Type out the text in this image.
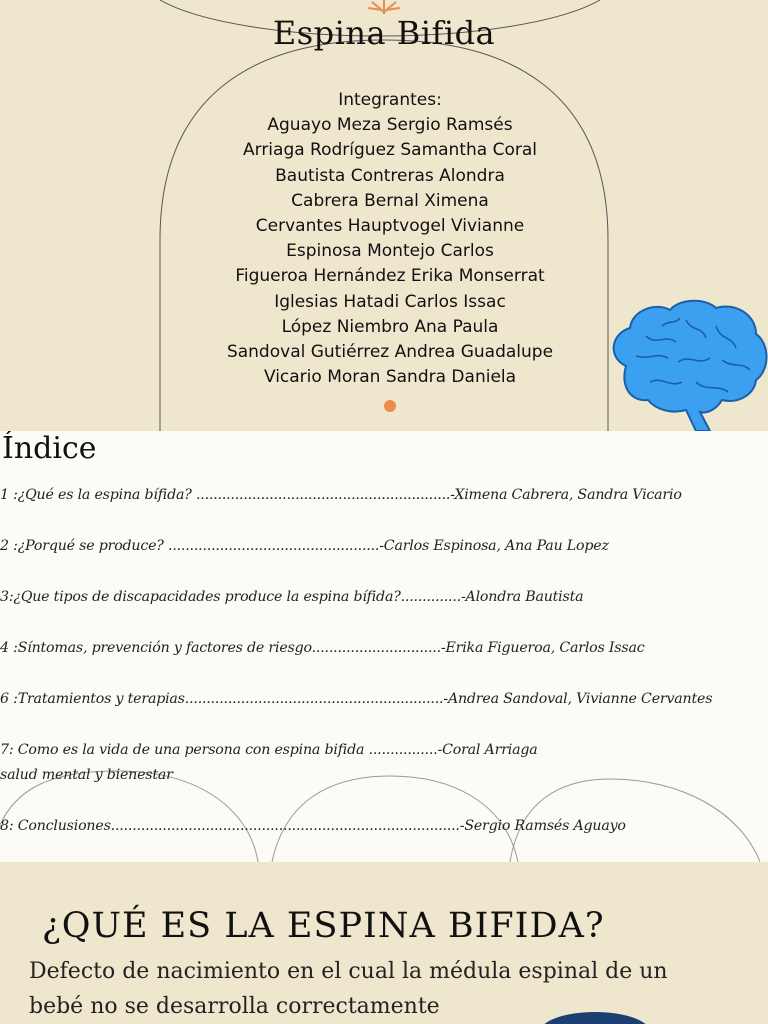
Espina Bifida
Integrantes:
Aguayo Meza Sergio Ramsés
Arriaga Rodríguez Samantha Coral
Bautista Contreras Alondra
Cabrera Bernal Ximena
Cervantes Hauptvogel Vivianne
Espinosa Montejo Carlos
Figueroa Hernández Erika Monserrat
Iglesias Hatadi Carlos Issac
López Niembro Ana Paula
Sandoval Gutiérrez Andrea Guadalupe
Vicario Moran Sandra Daniela
Índice
1 :¿Qué es la espina bífida? ...........................................................-Ximena Cabrera, Sandra Vicario
2 :¿Porqué se produce? .................................................-Carlos Espinosa, Ana Pau Lopez
3:¿Que tipos de discapacidades produce la espina bífida?..............-Alondra Bautista
4 :Síntomas, prevención y factores de riesgo..............................-Erika Figueroa, Carlos Issac
6 :Tratamientos y terapias............................................................-Andrea Sandoval, Vivianne Cervantes
7: Como es la vida de una persona con espina bifida ................-Coral Arriaga
salud mental y bienestar
8: Conclusiones.................................................................................-Sergio Ramsés Aguayo
¿QUÉ ES LA ESPINA BIFIDA?
Defecto de nacimiento en el cual la médula espinal de un bebé no se desarrolla correctamente
